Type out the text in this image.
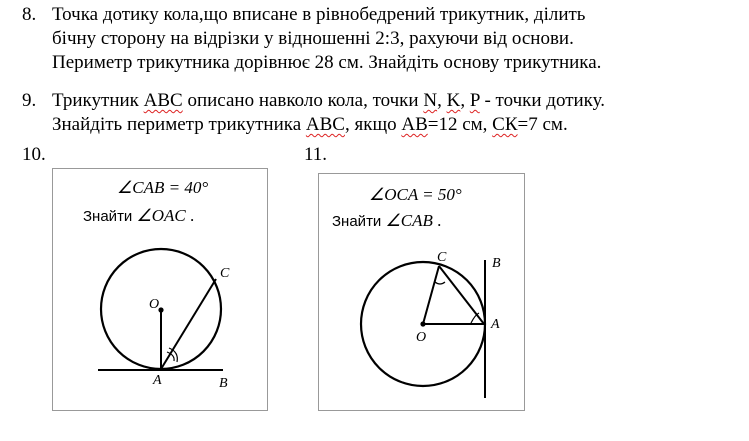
8. Точка дотику кола,що вписане в рівнобедрений трикутник, ділить
бічну сторону на відрізки у відношенні 2:3, рахуючи від основи.
Периметр трикутника дорівнює 28 см. Знайдіть основу трикутника.
9. Трикутник АВС описано навколо кола, точки N, K, P - точки дотику.
Знайдіть периметр трикутника АВС, якщо АВ=12 см, СК=7 см.
10.	11.
∠CAB = 40°
Знайти ∠OAC .
O
C
A	B
∠OCA = 50°
Знайти ∠CAB .
C	B
O
A
